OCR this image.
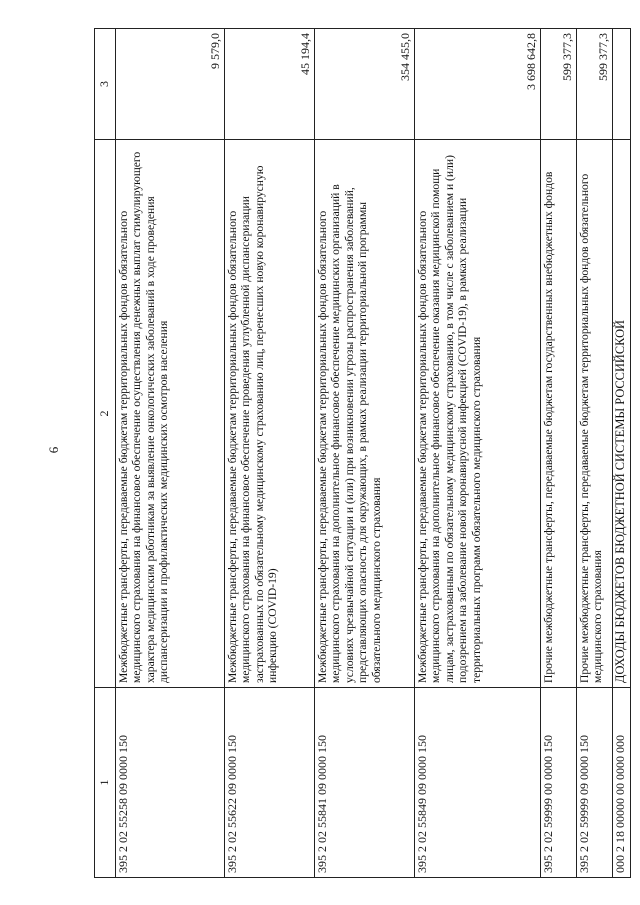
6
1	2	3
395 2 02 55258 09 0000 150	Межбюджетные трансферты, передаваемые бюджетам территориальных фондов обязательного медицинского страхования на финансовое обеспечение осуществления денежных выплат стимулирующего характера медицинским работникам за выявление онкологических заболеваний в ходе проведения диспансеризации и профилактических медицинских осмотров населения	9 579,0
395 2 02 55622 09 0000 150	Межбюджетные трансферты, передаваемые бюджетам территориальных фондов обязательного медицинского страхования на финансовое обеспечение проведения углубленной диспансеризации застрахованных по обязательному медицинскому страхованию лиц, перенесших новую коронавирусную инфекцию (COVID-19)	45 194,4
395 2 02 55841 09 0000 150	Межбюджетные трансферты, передаваемые бюджетам территориальных фондов обязательного медицинского страхования на дополнительное финансовое обеспечение медицинских организаций в условиях чрезвычайной ситуации и (или) при возникновении угрозы распространения заболеваний, представляющих опасность для окружающих, в рамках реализации территориальной программы обязательного медицинского страхования	354 455,0
395 2 02 55849 09 0000 150	Межбюджетные трансферты, передаваемые бюджетам территориальных фондов обязательного медицинского страхования на дополнительное финансовое обеспечение оказания медицинской помощи лицам, застрахованным по обязательному медицинскому страхованию, в том числе с заболеванием и (или) подозрением на заболевание новой коронавирусной инфекцией (COVID-19), в рамках реализации территориальных программ обязательного медицинского страхования	3 698 642,8
395 2 02 59999 00 0000 150	Прочие межбюджетные трансферты, передаваемые бюджетам государственных внебюджетных фондов	599 377,3
395 2 02 59999 09 0000 150	Прочие межбюджетные трансферты, передаваемые бюджетам территориальных фондов обязательного медицинского страхования	599 377,3
000 2 18 00000 00 0000 000	ДОХОДЫ БЮДЖЕТОВ БЮДЖЕТНОЙ СИСТЕМЫ РОССИЙСКОЙ	
